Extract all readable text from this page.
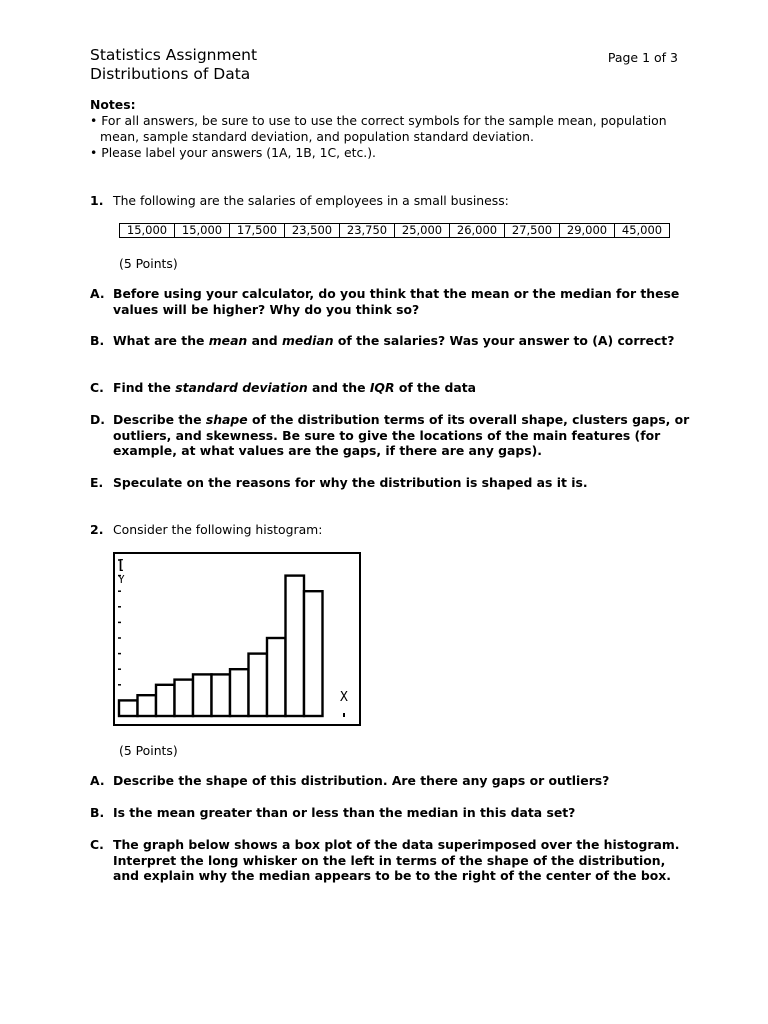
Statistics Assignment
Distributions of Data
Page 1 of 3
Notes:
• For all answers, be sure to use to use the correct symbols for the sample mean, population mean, sample standard deviation, and population standard deviation.
• Please label your answers (1A, 1B, 1C, etc.).
1. The following are the salaries of employees in a small business:
15,000	15,000	17,500	23,500	23,750	25,000	26,000	27,500	29,000	45,000
(5 Points)
A. Before using your calculator, do you think that the mean or the median for these values will be higher? Why do you think so?
B. What are the mean and median of the salaries? Was your answer to (A) correct?
C. Find the standard deviation and the IQR of the data
D. Describe the shape of the distribution terms of its overall shape, clusters gaps, or outliers, and skewness. Be sure to give the locations of the main features (for example, at what values are the gaps, if there are any gaps).
E. Speculate on the reasons for why the distribution is shaped as it is.
2. Consider the following histogram:
[
Y
X
(5 Points)
A. Describe the shape of this distribution. Are there any gaps or outliers?
B. Is the mean greater than or less than the median in this data set?
C. The graph below shows a box plot of the data superimposed over the histogram. Interpret the long whisker on the left in terms of the shape of the distribution, and explain why the median appears to be to the right of the center of the box.
